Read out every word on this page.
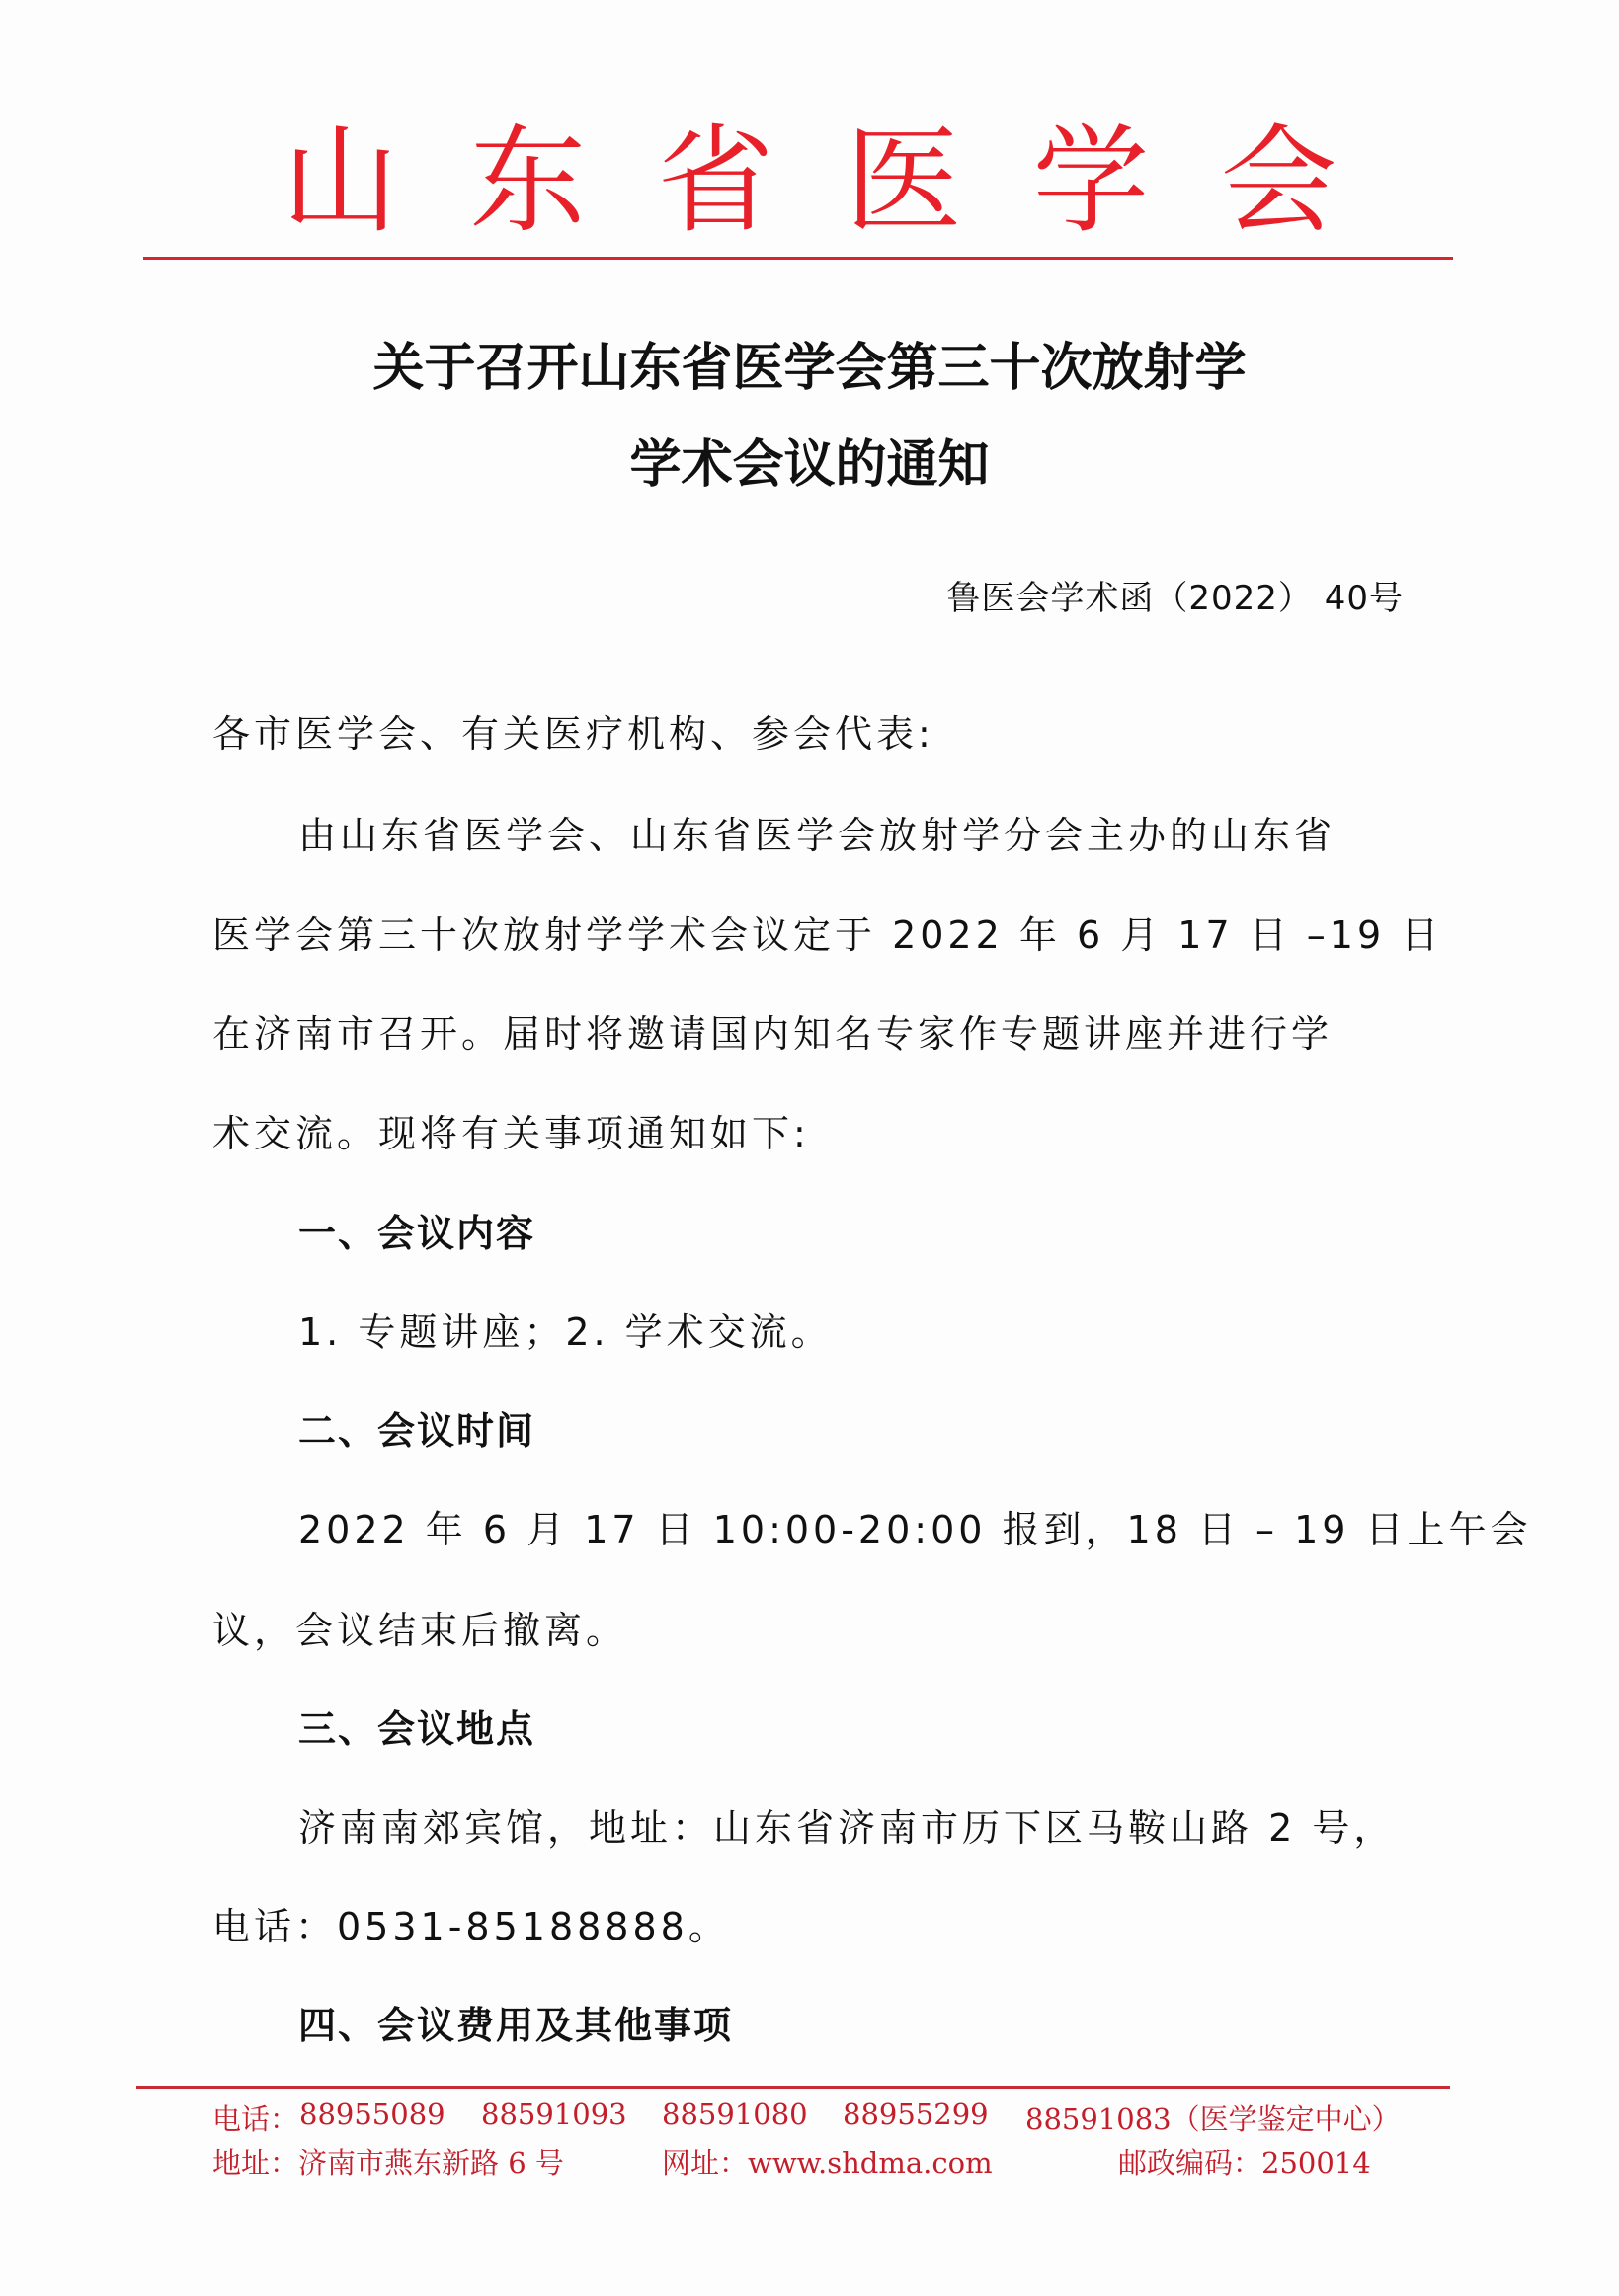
山东省医学会
关于召开山东省医学会第三十次放射学
学术会议的通知
鲁医会学术函（2022） 40号
各市医学会、有关医疗机构、参会代表:
由山东省医学会、山东省医学会放射学分会主办的山东省
医学会第三十次放射学学术会议定于 2022 年 6 月 17 日 –19 日
在济南市召开。届时将邀请国内知名专家作专题讲座并进行学
术交流。现将有关事项通知如下:
一、会议内容
1. 专题讲座；2. 学术交流。
二、会议时间
2022 年 6 月 17 日 10:00-20:00 报到，18 日 – 19 日上午会
议，会议结束后撤离。
三、会议地点
济南南郊宾馆，地址：山东省济南市历下区马鞍山路 2 号，
电话：0531-85188888。
四、会议费用及其他事项
电话： 88955089 88591093 88591080 88955299 88591083（医学鉴定中心）
地址：济南市燕东新路 6 号	网址：www.shdma.com	邮政编码：250014
